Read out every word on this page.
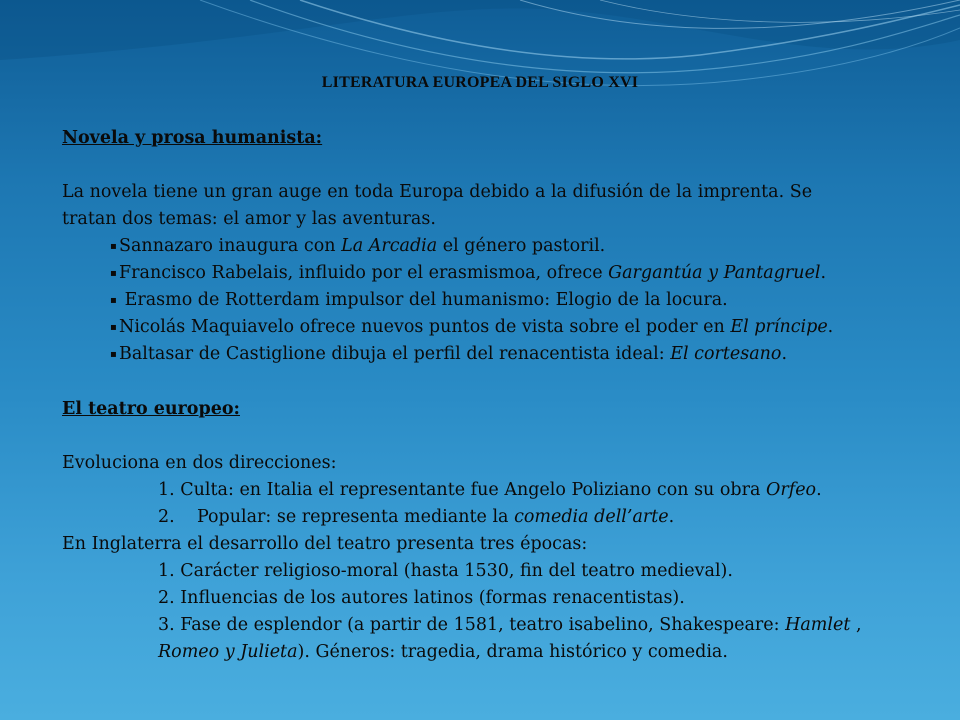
LITERATURA EUROPEA DEL SIGLO XVI
Novela y prosa humanista:
La novela tiene un gran auge en toda Europa debido a la difusión de la imprenta. Se
tratan dos temas: el amor y las aventuras.
▪ Sannazaro inaugura con La Arcadia el género pastoril.
▪ Francisco Rabelais, influido por el erasmismoa, ofrece Gargantúa y Pantagruel.
▪ Erasmo de Rotterdam impulsor del humanismo: Elogio de la locura.
▪ Nicolás Maquiavelo ofrece nuevos puntos de vista sobre el poder en El príncipe.
▪ Baltasar de Castiglione dibuja el perfil del renacentista ideal: El cortesano.
El teatro europeo:
Evoluciona en dos direcciones:
1. Culta: en Italia el representante fue Angelo Poliziano con su obra Orfeo.
2.    Popular: se representa mediante la comedia dell’arte.
En Inglaterra el desarrollo del teatro presenta tres épocas:
1. Carácter religioso-moral (hasta 1530, fin del teatro medieval).
2. Influencias de los autores latinos (formas renacentistas).
3. Fase de esplendor (a partir de 1581, teatro isabelino, Shakespeare: Hamlet ,
Romeo y Julieta). Géneros: tragedia, drama histórico y comedia.
